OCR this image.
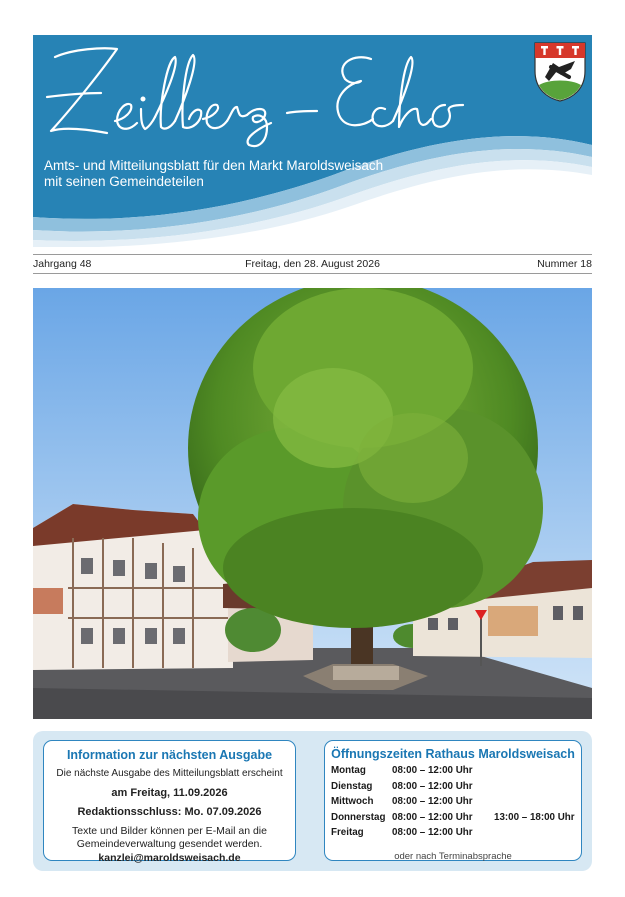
Amts- und Mitteilungsblatt für den Markt Maroldsweisach
mit seinen Gemeindeteilen
Jahrgang 48	Freitag, den 28. August 2026	Nummer 18
Information zur nächsten Ausgabe
Die nächste Ausgabe des Mitteilungsblatt erscheint
am Freitag, 11.09.2026
Redaktionsschluss: Mo. 07.09.2026
Texte und Bilder können per E-Mail an die
Gemeindeverwaltung gesendet werden.
kanzlei@maroldsweisach.de
Öffnungszeiten Rathaus Maroldsweisach
Montag	08:00 – 12:00 Uhr
Dienstag 08:00 – 12:00 Uhr
Mittwoch 08:00 – 12:00 Uhr
Donnerstag 08:00 – 12:00 Uhr 13:00 – 18:00 Uhr
Freitag	08:00 – 12:00 Uhr
oder nach Terminabsprache
